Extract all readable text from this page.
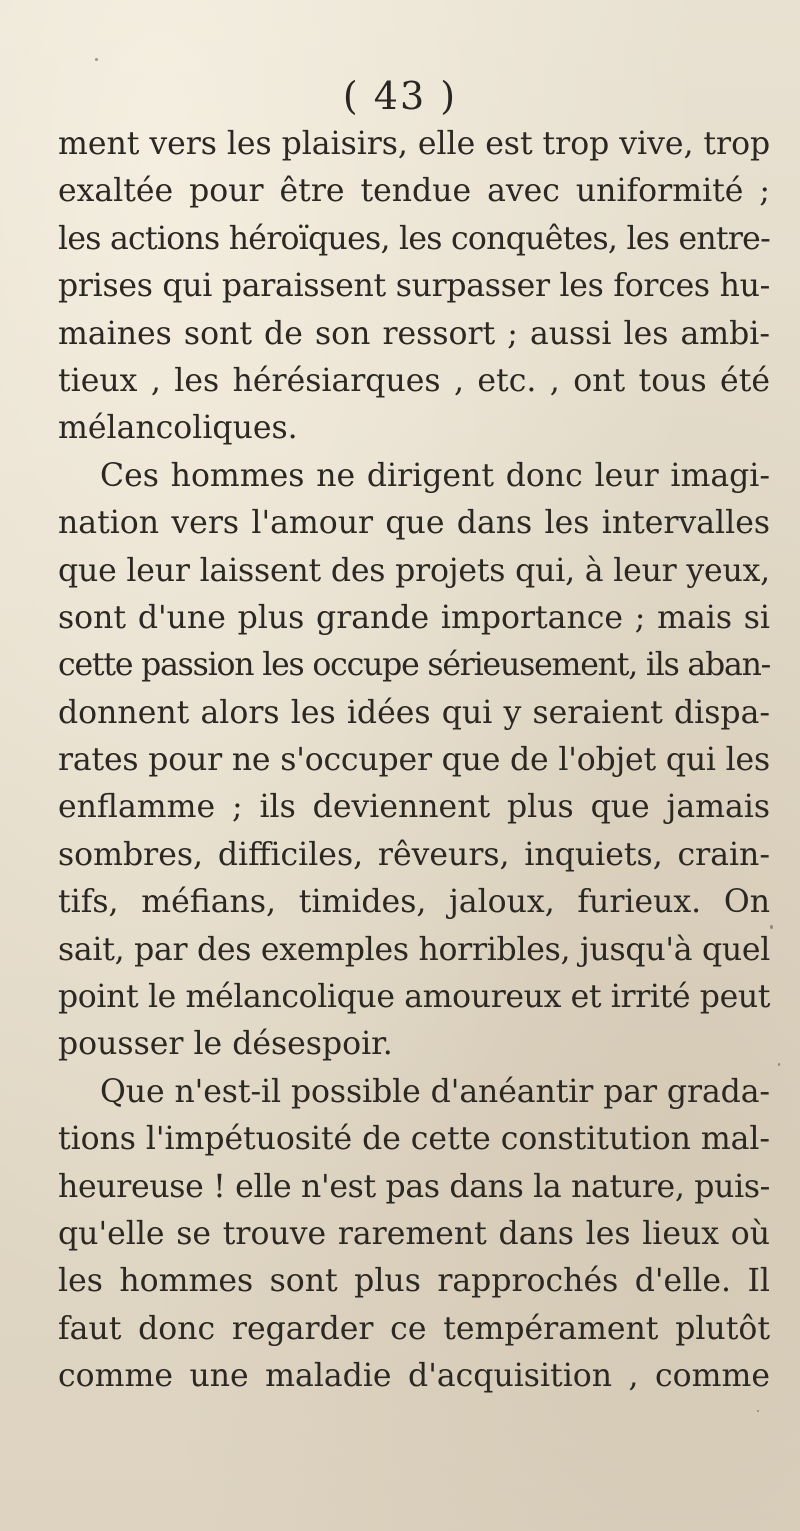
( 43 )
ment vers les plaisirs, elle est trop vive, trop
exaltée pour être tendue avec uniformité ;
les actions héroïques, les conquêtes, les entre-
prises qui paraissent surpasser les forces hu-
maines sont de son ressort ; aussi les ambi-
tieux , les hérésiarques , etc. , ont tous été
mélancoliques.
Ces hommes ne dirigent donc leur imagi-
nation vers l'amour que dans les intervalles
que leur laissent des projets qui, à leur yeux,
sont d'une plus grande importance ; mais si
cette passion les occupe sérieusement, ils aban-
donnent alors les idées qui y seraient dispa-
rates pour ne s'occuper que de l'objet qui les
enflamme ; ils deviennent plus que jamais
sombres, difficiles, rêveurs, inquiets, crain-
tifs, méfians, timides, jaloux, furieux. On
sait, par des exemples horribles, jusqu'à quel
point le mélancolique amoureux et irrité peut
pousser le désespoir.
Que n'est-il possible d'anéantir par grada-
tions l'impétuosité de cette constitution mal-
heureuse ! elle n'est pas dans la nature, puis-
qu'elle se trouve rarement dans les lieux où
les hommes sont plus rapprochés d'elle. Il
faut donc regarder ce tempérament plutôt
comme une maladie d'acquisition , comme
